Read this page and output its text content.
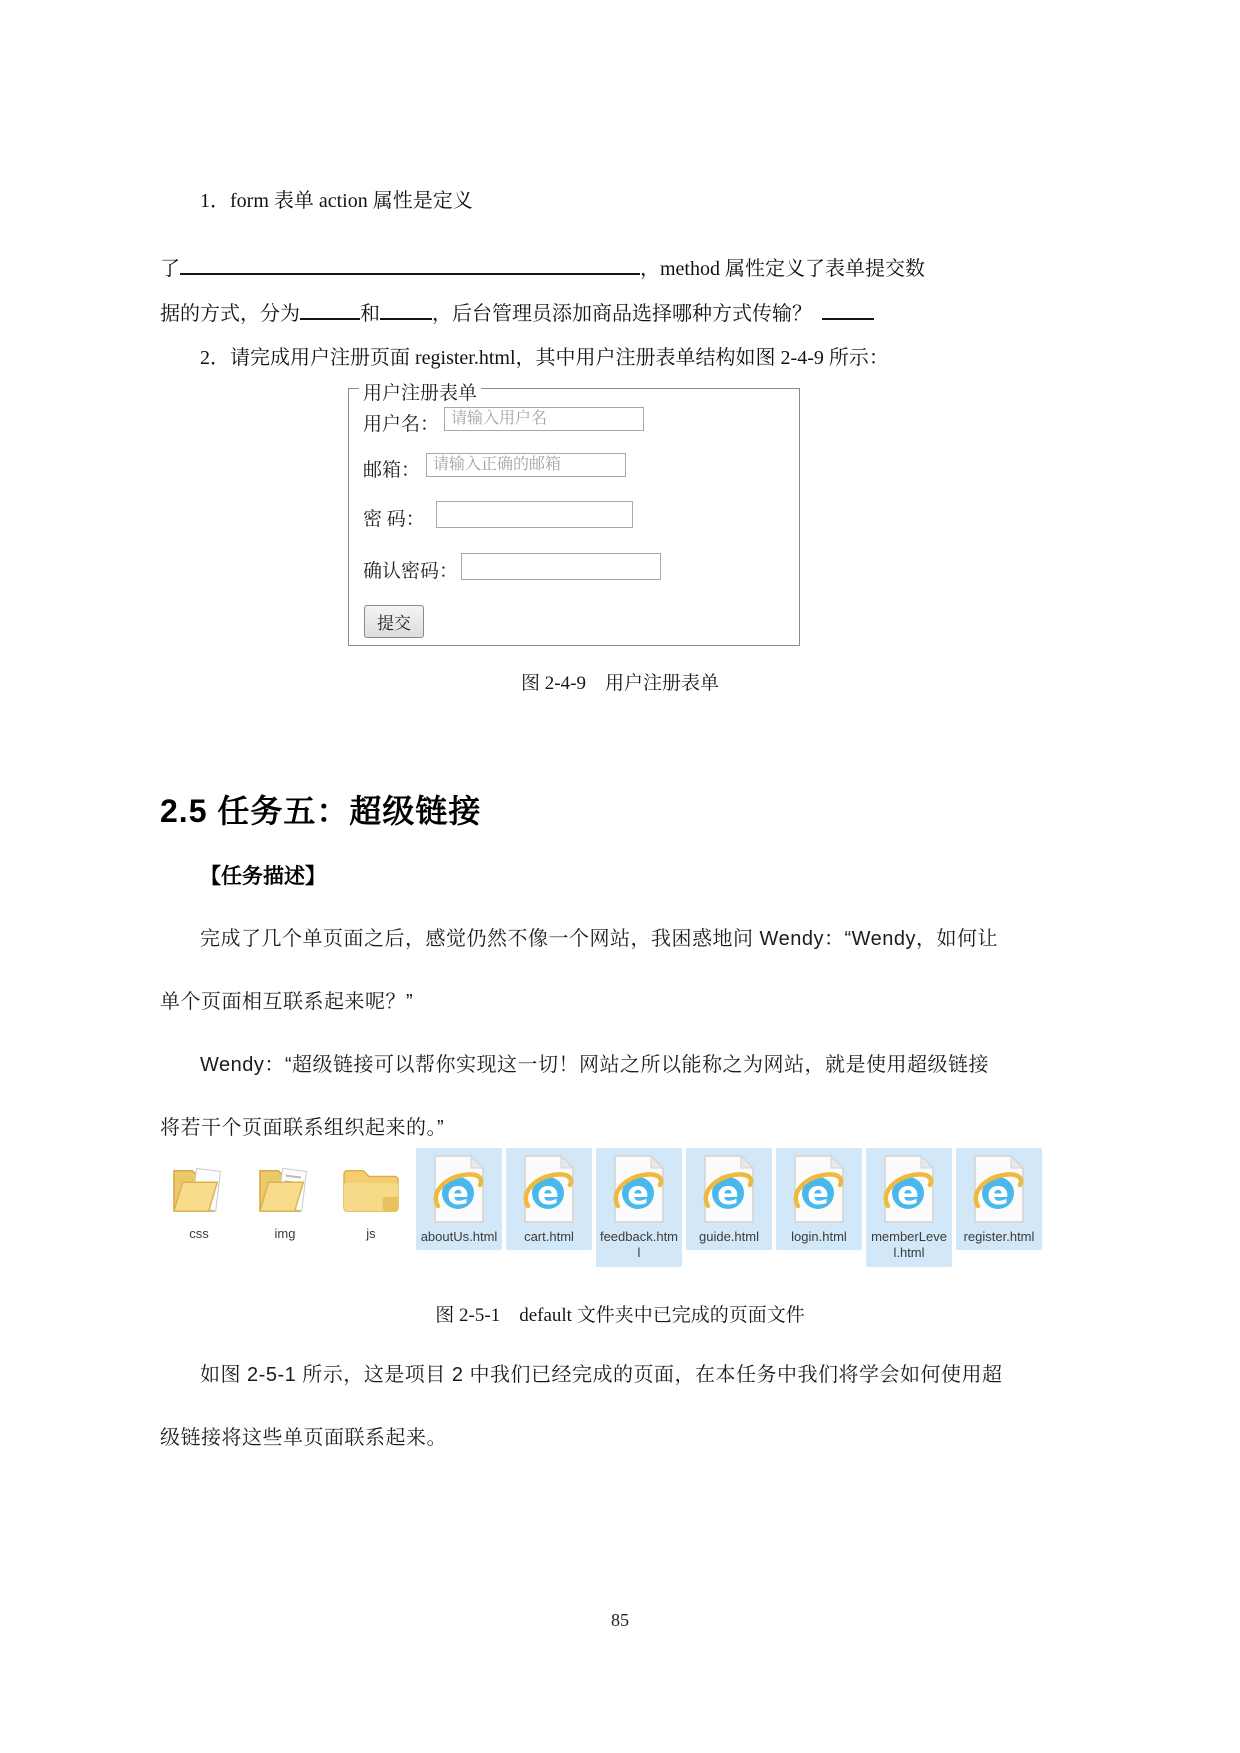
1．form 表单 action 属性是定义
了	，method 属性定义了表单提交数
据的方式，分为	和	，后台管理员添加商品选择哪种方式传输？
2．请完成用户注册页面 register.html，其中用户注册表单结构如图 2-4-9 所示：
用户注册表单
用户名：
请输入用户名
邮箱：
请输入正确的邮箱
密 码：
确认密码：
提交
图 2-4-9　用户注册表单
2.5 任务五：超级链接
【任务描述】
完成了几个单页面之后，感觉仍然不像一个网站，我困惑地问 Wendy：“Wendy，如何让
单个页面相互联系起来呢？”
Wendy：“超级链接可以帮你实现这一切！网站之所以能称之为网站，就是使用超级链接
将若干个页面联系组织起来的。”
css	img	js
e
aboutUs.html
e
cart.html
e
feedback.html
e
guide.html
e
login.html
e
memberLevel.html
e
register.html
图 2-5-1　default 文件夹中已完成的页面文件
如图 2-5-1 所示，这是项目 2 中我们已经完成的页面，在本任务中我们将学会如何使用超
级链接将这些单页面联系起来。
85
